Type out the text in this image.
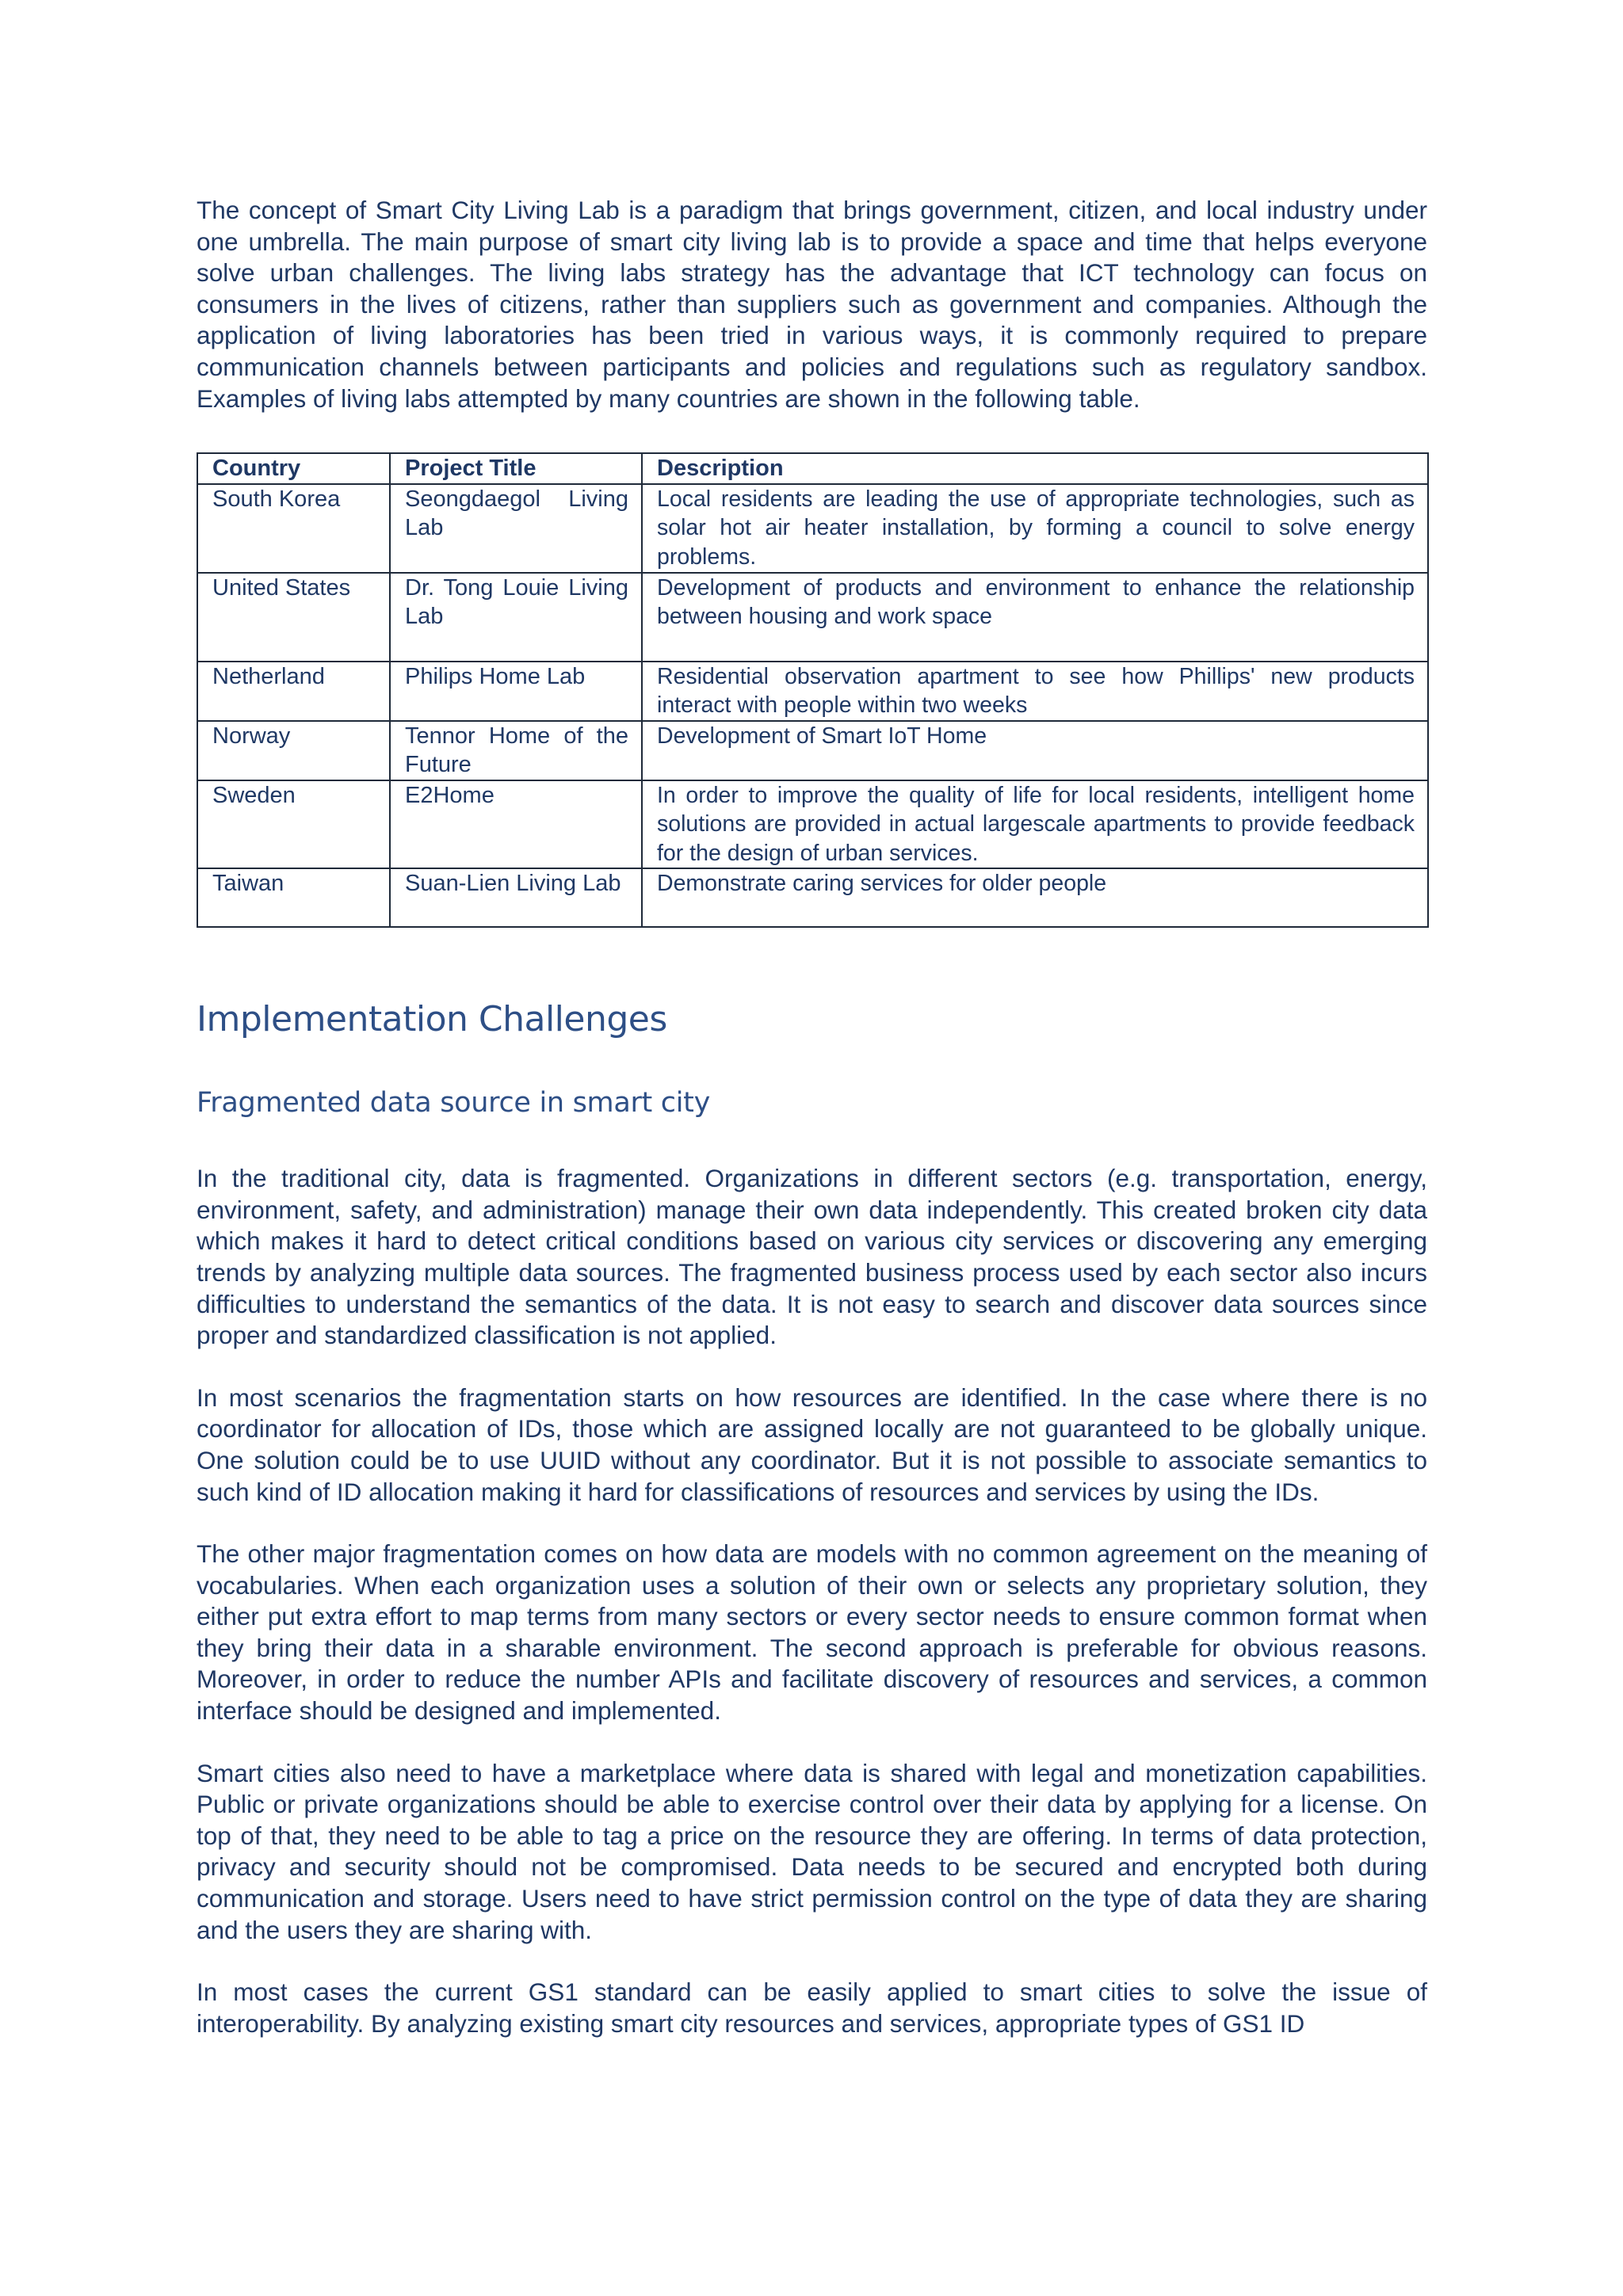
The concept of Smart City Living Lab is a paradigm that brings government, citizen, and local industry under one umbrella. The main purpose of smart city living lab is to provide a space and time that helps everyone solve urban challenges. The living labs strategy has the advantage that ICT technology can focus on consumers in the lives of citizens, rather than suppliers such as government and companies. Although the application of living laboratories has been tried in various ways, it is commonly required to prepare communication channels between participants and policies and regulations such as regulatory sandbox. Examples of living labs attempted by many countries are shown in the following table.

Country	Project Title	Description
South Korea	Seongdaegol Living Lab	Local residents are leading the use of appropriate technologies, such as solar hot air heater installation, by forming a council to solve energy problems.
United States	Dr. Tong Louie Living Lab	Development of products and environment to enhance the relationship between housing and work space
Netherland	Philips Home Lab	Residential observation apartment to see how Phillips' new products interact with people within two weeks
Norway	Tennor Home of the Future	Development of Smart IoT Home
Sweden	E2Home	In order to improve the quality of life for local residents, intelligent home solutions are provided in actual largescale apartments to provide feedback for the design of urban services.
Taiwan	Suan-Lien Living Lab	Demonstrate caring services for older people
Implementation Challenges
Fragmented data source in smart city

In the traditional city, data is fragmented. Organizations in different sectors (e.g. transportation, energy, environment, safety, and administration) manage their own data independently. This created broken city data which makes it hard to detect critical conditions based on various city services or discovering any emerging trends by analyzing multiple data sources. The fragmented business process used by each sector also incurs difficulties to understand the semantics of the data. It is not easy to search and discover data sources since proper and standardized classification is not applied.

In most scenarios the fragmentation starts on how resources are identified. In the case where there is no coordinator for allocation of IDs, those which are assigned locally are not guaranteed to be globally unique. One solution could be to use UUID without any coordinator. But it is not possible to associate semantics to such kind of ID allocation making it hard for classifications of resources and services by using the IDs.

The other major fragmentation comes on how data are models with no common agreement on the meaning of vocabularies. When each organization uses a solution of their own or selects any proprietary solution, they either put extra effort to map terms from many sectors or every sector needs to ensure common format when they bring their data in a sharable environment. The second approach is preferable for obvious reasons. Moreover, in order to reduce the number APIs and facilitate discovery of resources and services, a common interface should be designed and implemented.

Smart cities also need to have a marketplace where data is shared with legal and monetization capabilities. Public or private organizations should be able to exercise control over their data by applying for a license. On top of that, they need to be able to tag a price on the resource they are offering. In terms of data protection, privacy and security should not be compromised. Data needs to be secured and encrypted both during communication and storage. Users need to have strict permission control on the type of data they are sharing and the users they are sharing with.

In most cases the current GS1 standard can be easily applied to smart cities to solve the issue of interoperability. By analyzing existing smart city resources and services, appropriate types of GS1 ID
